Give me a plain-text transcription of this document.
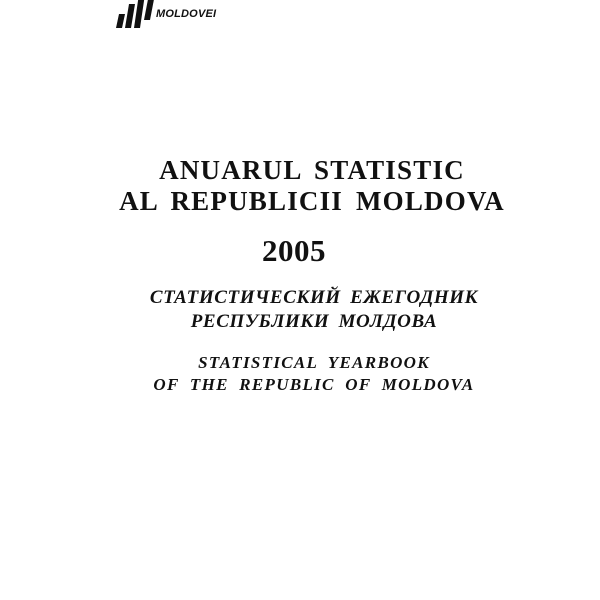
MOLDOVEI
ANUARUL STATISTIC
AL REPUBLICII MOLDOVA
2005
СТАТИСТИЧЕСКИЙ ЕЖЕГОДНИК
РЕСПУБЛИКИ МОЛДОВА
STATISTICAL YEARBOOK
OF THE REPUBLIC OF MOLDOVA
